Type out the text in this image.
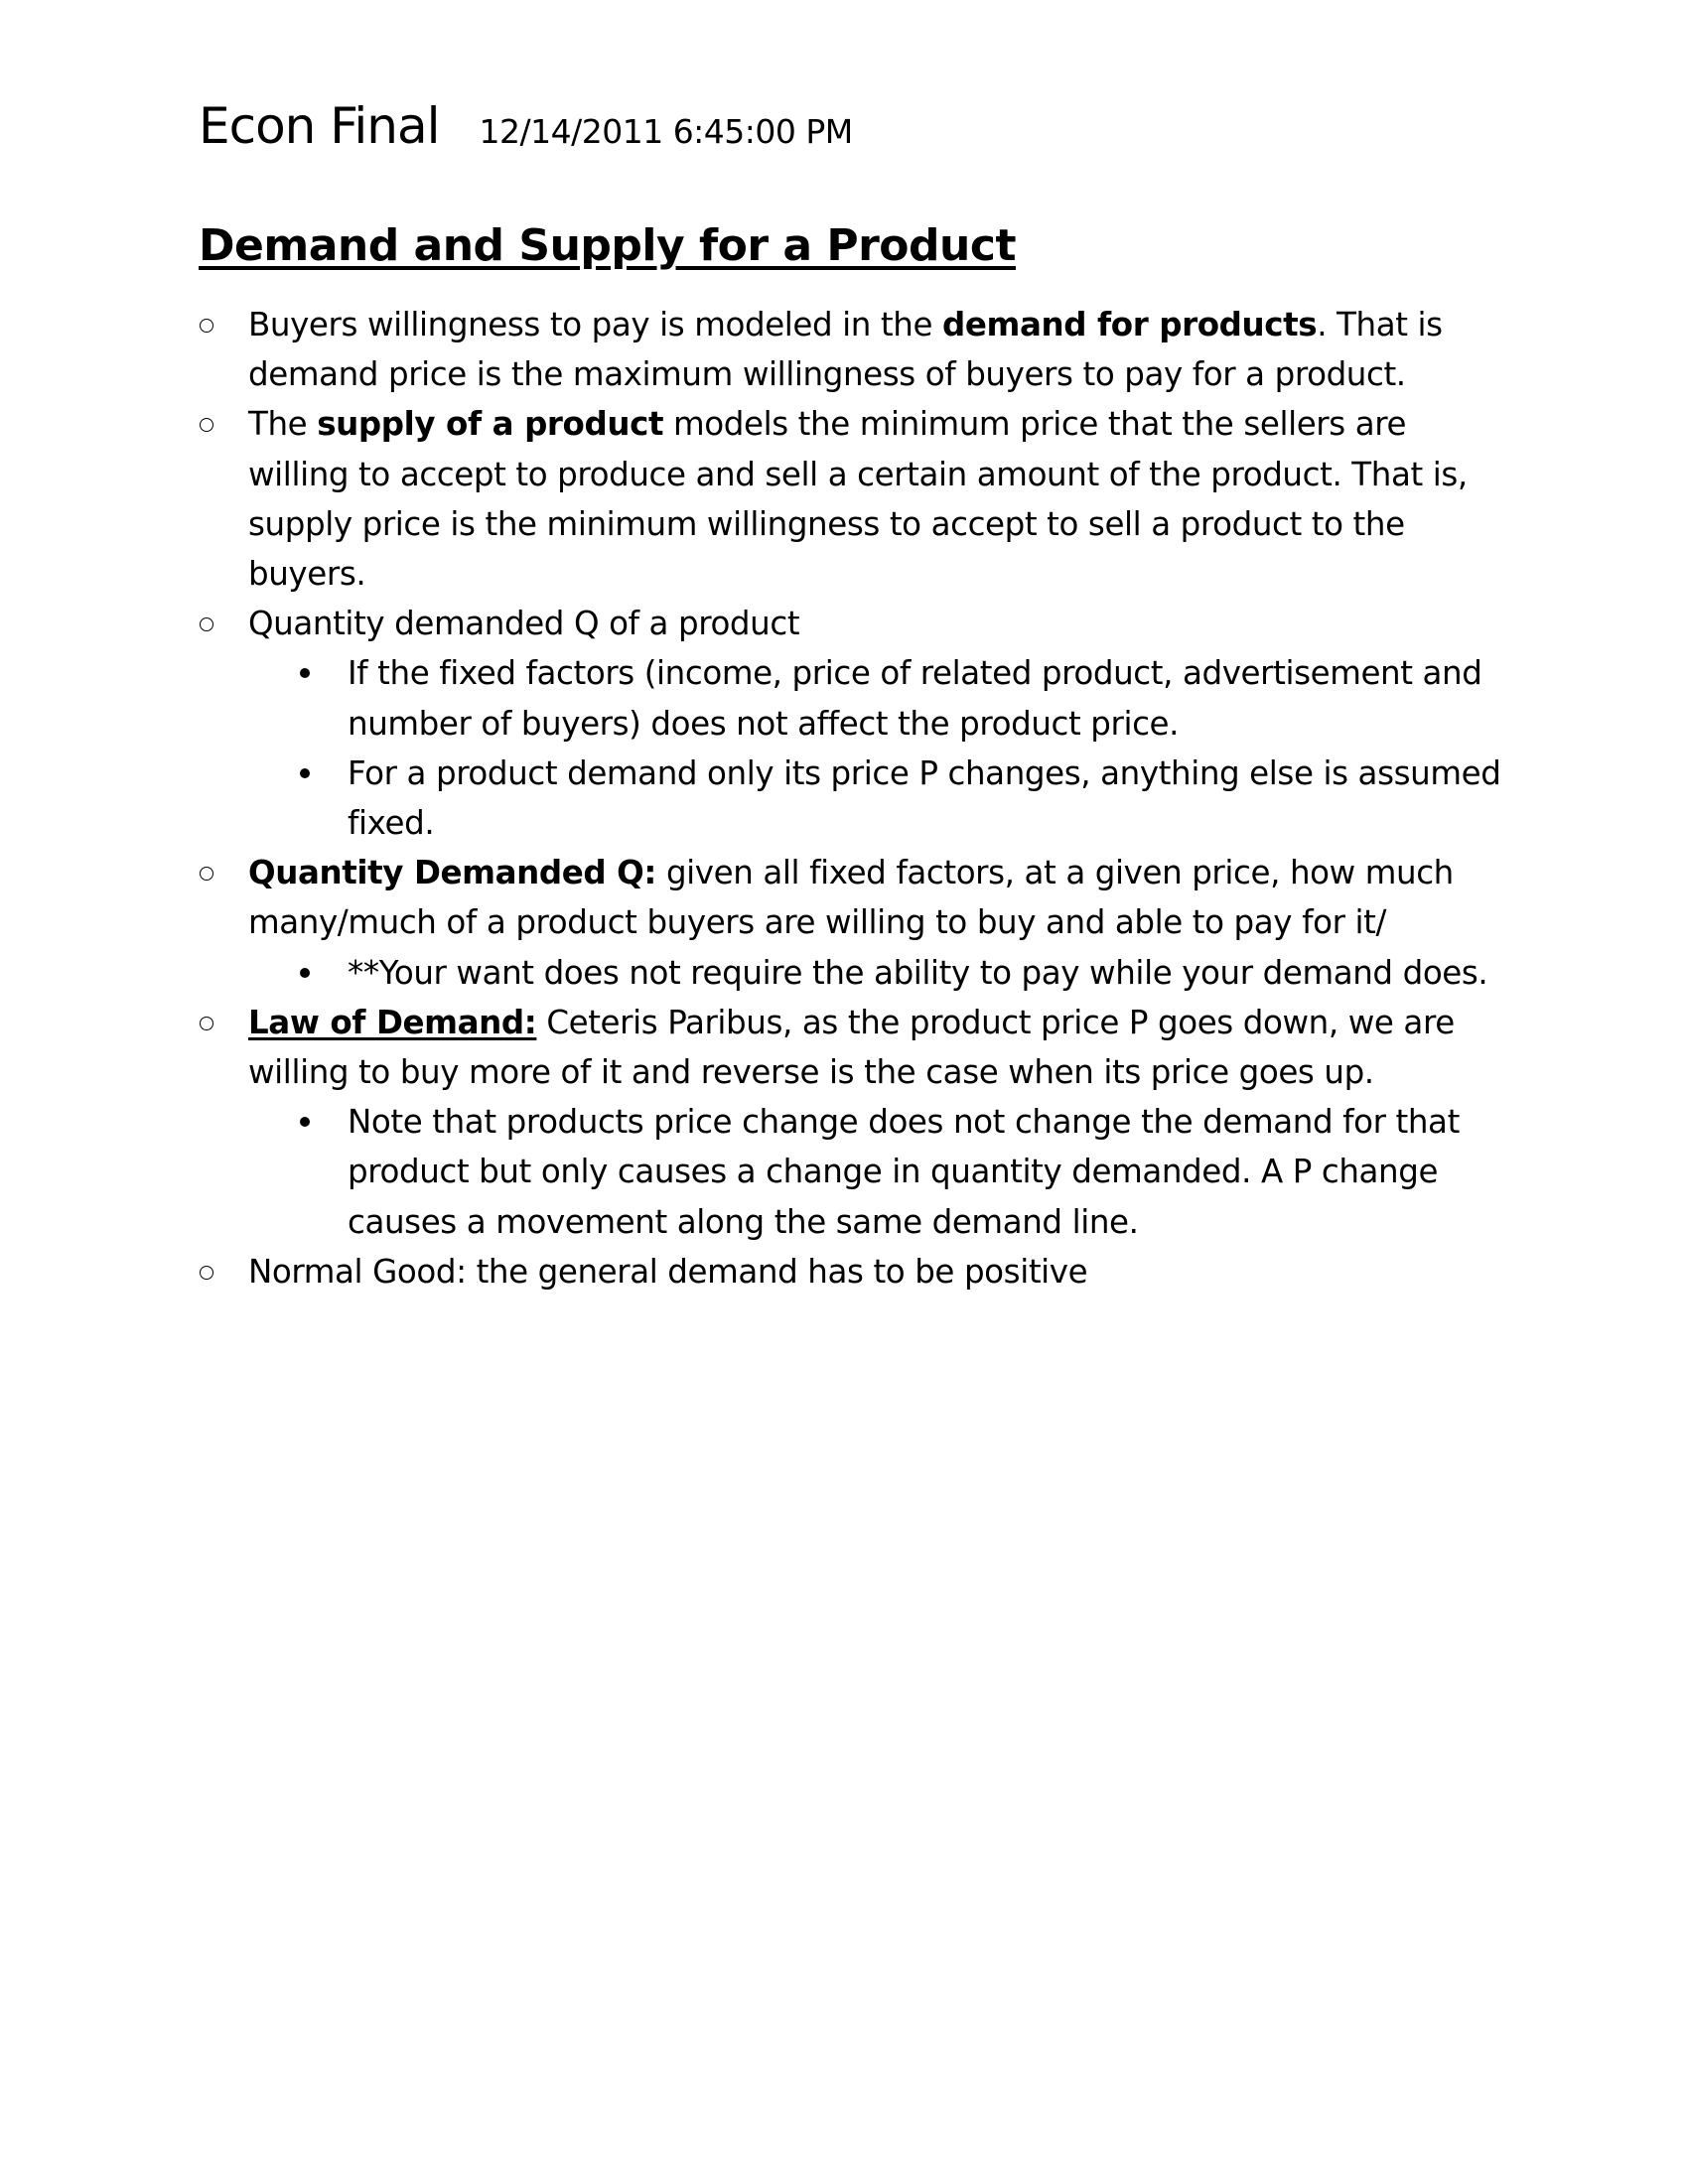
Econ Final 12/14/2011 6:45:00 PM
Demand and Supply for a Product
Buyers willingness to pay is modeled in the demand for products. That is demand price is the maximum willingness of buyers to pay for a product.
The supply of a product models the minimum price that the sellers are willing to accept to produce and sell a certain amount of the product. That is, supply price is the minimum willingness to accept to sell a product to the buyers.
Quantity demanded Q of a product
If the fixed factors (income, price of related product, advertisement and number of buyers) does not affect the product price.
For a product demand only its price P changes, anything else is assumed fixed.
Quantity Demanded Q: given all fixed factors, at a given price, how much many/much of a product buyers are willing to buy and able to pay for it/
**Your want does not require the ability to pay while your demand does.
Law of Demand: Ceteris Paribus, as the product price P goes down, we are willing to buy more of it and reverse is the case when its price goes up.
Note that products price change does not change the demand for that product but only causes a change in quantity demanded. A P change causes a movement along the same demand line.
Normal Good: the general demand has to be positive
